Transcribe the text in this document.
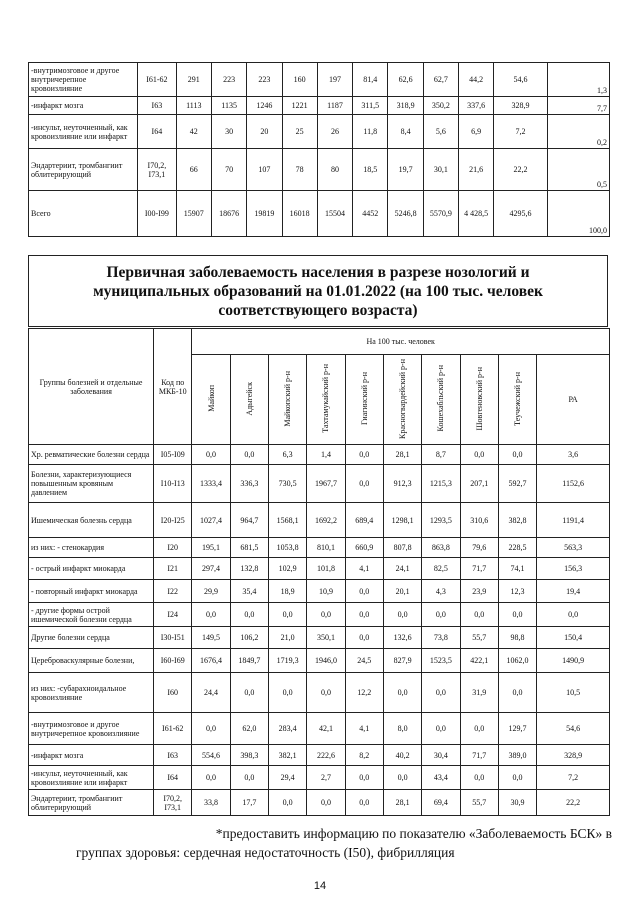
-внутримозговое и другое внутричерепное кровоизлияние	I61-62	291	223	223	160	197	81,4	62,6	62,7	44,2	54,6	1,3
-инфаркт мозга	I63	1113	1135	1246	1221	1187	311,5	318,9	350,2	337,6	328,9	7,7
-инсульт, неуточненный, как кровоизлияние или инфаркт	I64	42	30	20	25	26	11,8	8,4	5,6	6,9	7,2	0,2
Эндартериит, тромбангиит облитерирующий	I70,2, I73,1	66	70	107	78	80	18,5	19,7	30,1	21,6	22,2	0,5
Всего	I00-I99	15907	18676	19819	16018	15504	4452	5246,8	5570,9	4 428,5	4295,6	100,0
Первичная заболеваемость населения в разрезе нозологий и муниципальных образований на 01.01.2022 (на 100 тыс. человек соответствующего возраста)
Группы болезней и отдельные заболевания	Код по МКБ-10	На 100 тыс. человек									
		Майкоп	Адыгейск	Майкопский р-н	Тахтамукайский р-н	Гиагинский р-н	Красногвардейский р-н	Кошехабльский р-н	Шовгеновский р-н	Теучежский р-н	РА
Хр. ревматические болезни сердца	I05-I09	0,0	0,0	6,3	1,4	0,0	28,1	8,7	0,0	0,0	3,6
Болезни, характеризующиеся повышенным кровяным давлением	I10-I13	1333,4	336,3	730,5	1967,7	0,0	912,3	1215,3	207,1	592,7	1152,6
Ишемическая болезнь сердца	I20-I25	1027,4	964,7	1568,1	1692,2	689,4	1298,1	1293,5	310,6	382,8	1191,4
из них: - стенокардия	I20	195,1	681,5	1053,8	810,1	660,9	807,8	863,8	79,6	228,5	563,3
- острый инфаркт миокарда	I21	297,4	132,8	102,9	101,8	4,1	24,1	82,5	71,7	74,1	156,3
- повторный инфаркт миокарда	I22	29,9	35,4	18,9	10,9	0,0	20,1	4,3	23,9	12,3	19,4
- другие формы острой ишемической болезни сердца	I24	0,0	0,0	0,0	0,0	0,0	0,0	0,0	0,0	0,0	0,0
Другие болезни сердца	I30-I51	149,5	106,2	21,0	350,1	0,0	132,6	73,8	55,7	98,8	150,4
Цереброваскулярные болезни,	I60-I69	1676,4	1849,7	1719,3	1946,0	24,5	827,9	1523,5	422,1	1062,0	1490,9
из них: -субарахноидальное кровоизлияние	I60	24,4	0,0	0,0	0,0	12,2	0,0	0,0	31,9	0,0	10,5
-внутримозговое и другое внутричерепное кровоизлияние	I61-62	0,0	62,0	283,4	42,1	4,1	8,0	0,0	0,0	129,7	54,6
-инфаркт мозга	I63	554,6	398,3	382,1	222,6	8,2	40,2	30,4	71,7	389,0	328,9
-инсульт, неуточненный, как кровоизлияние или инфаркт	I64	0,0	0,0	29,4	2,7	0,0	0,0	43,4	0,0	0,0	7,2
Эндартериит, тромбангиит облитерирующий	I70,2, I73,1	33,8	17,7	0,0	0,0	0,0	28,1	69,4	55,7	30,9	22,2
*предоставить информацию по показателю «Заболеваемость БСК» в
группах здоровья: сердечная недостаточность (I50), фибрилляция
14
